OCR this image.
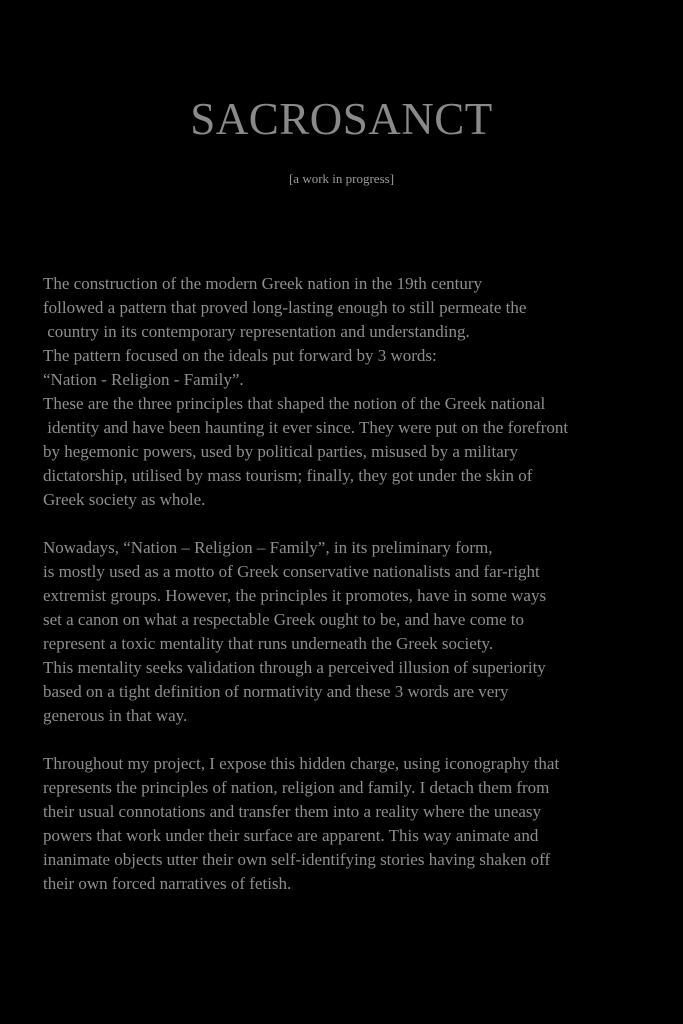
SACROSANCT

[a work in progress]

The construction of the modern Greek nation in the 19th century
followed a pattern that proved long-lasting enough to still permeate the
country in its contemporary representation and understanding.
The pattern focused on the ideals put forward by 3 words:
“Nation - Religion - Family”.
These are the three principles that shaped the notion of the Greek national
identity and have been haunting it ever since. They were put on the forefront
by hegemonic powers, used by political parties, misused by a military
dictatorship, utilised by mass tourism; finally, they got under the skin of
Greek society as whole.

Nowadays, “Nation – Religion – Family”, in its preliminary form,
is mostly used as a motto of Greek conservative nationalists and far-right
extremist groups. However, the principles it promotes, have in some ways
set a canon on what a respectable Greek ought to be, and have come to
represent a toxic mentality that runs underneath the Greek society.
This mentality seeks validation through a perceived illusion of superiority
based on a tight definition of normativity and these 3 words are very
generous in that way.

Throughout my project, I expose this hidden charge, using iconography that
represents the principles of nation, religion and family. I detach them from
their usual connotations and transfer them into a reality where the uneasy
powers that work under their surface are apparent. This way animate and
inanimate objects utter their own self-identifying stories having shaken off
their own forced narratives of fetish.
